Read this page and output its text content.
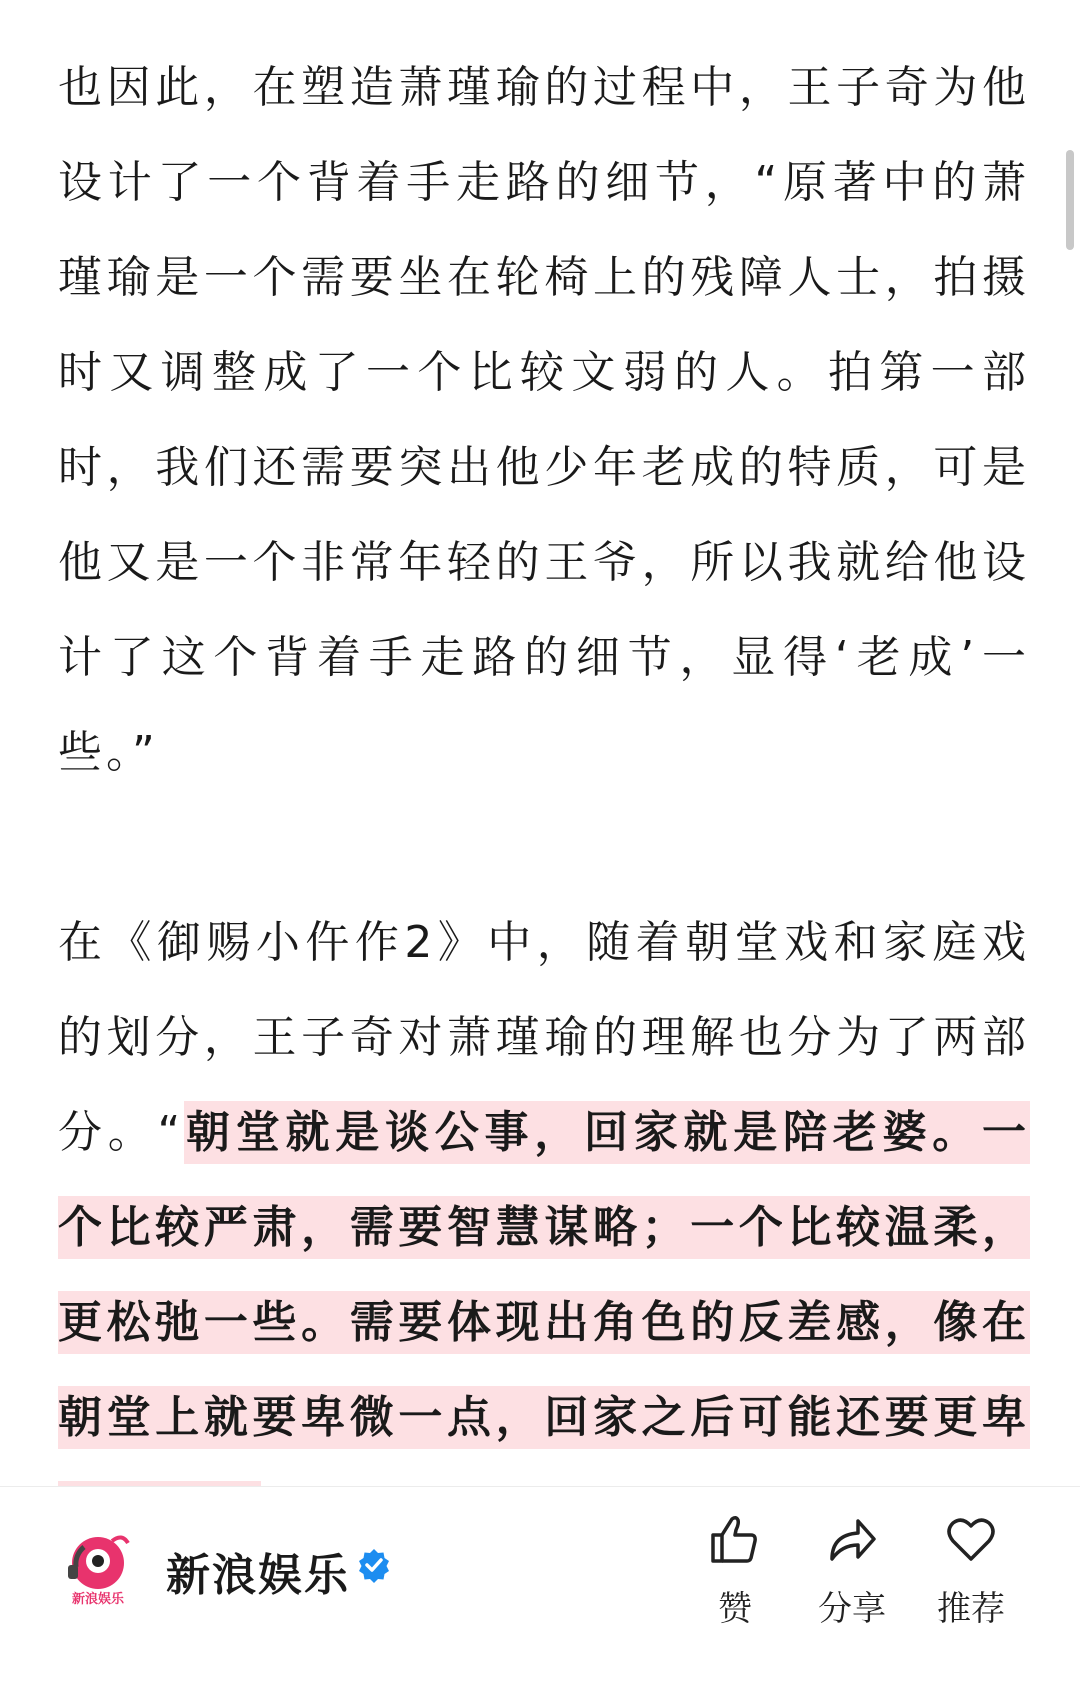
也因此，在塑造萧瑾瑜的过程中，王子奇为他设计了一个背着手走路的细节，“原著中的萧瑾瑜是一个需要坐在轮椅上的残障人士，拍摄时又调整成了一个比较文弱的人。拍第一部时，我们还需要突出他少年老成的特质，可是他又是一个非常年轻的王爷，所以我就给他设计了这个背着手走路的细节，显得‘老成’一些。”

在《御赐小仵作2》中，随着朝堂戏和家庭戏的划分，王子奇对萧瑾瑜的理解也分为了两部分。“朝堂就是谈公事，回家就是陪老婆。一个比较严肃，需要智慧谋略；一个比较温柔，更松弛一些。需要体现出角色的反差感，像在朝堂上就要卑微一点，回家之后可能还要更卑

新浪娱乐 新浪娱乐
赞	分享	推荐
